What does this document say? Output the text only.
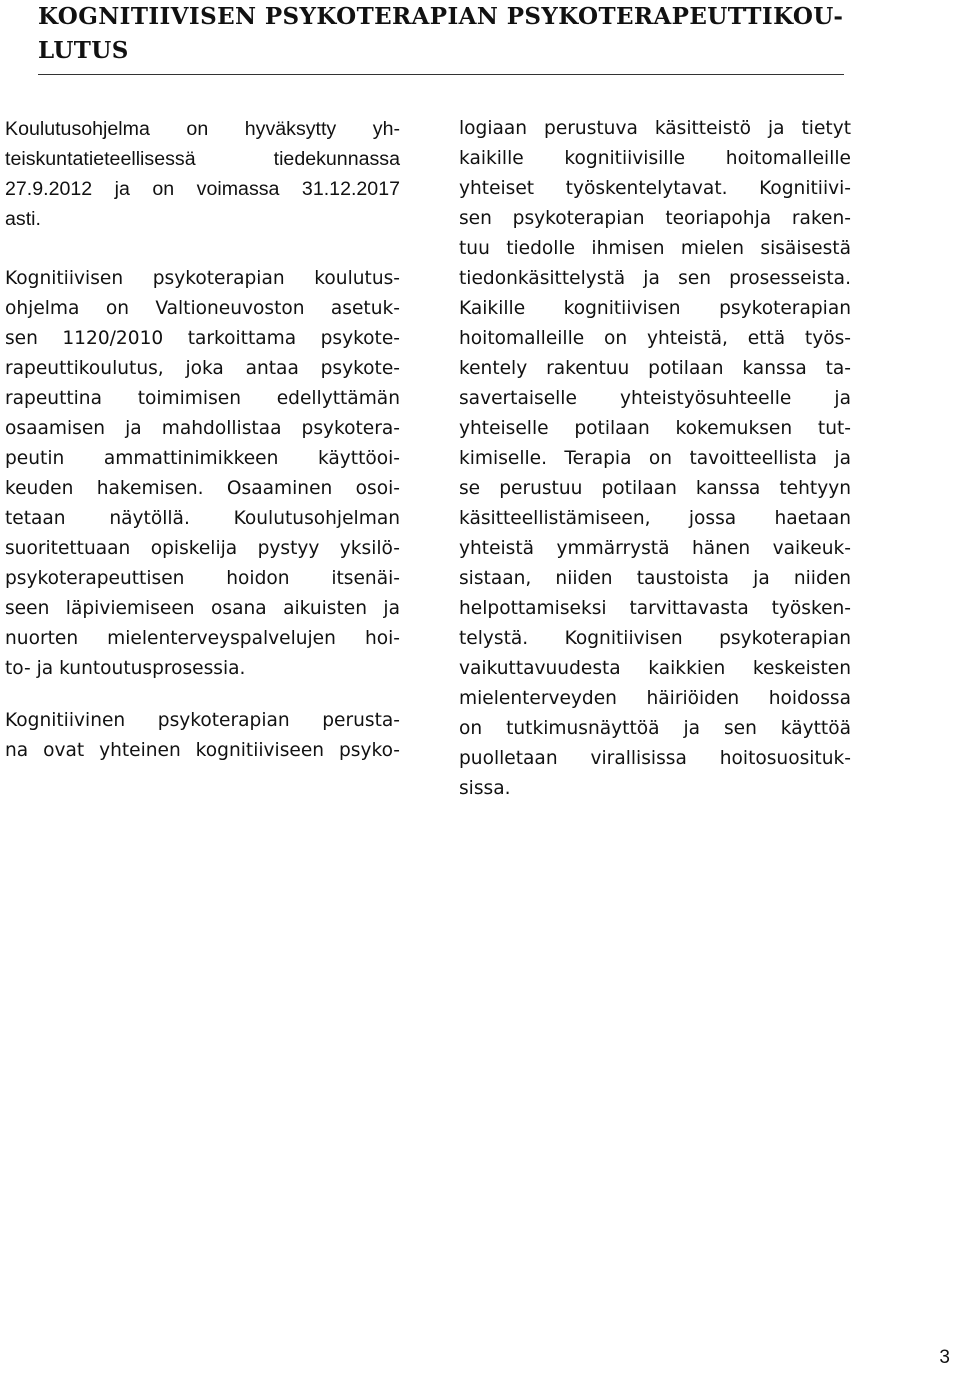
KOGNITIIVISEN PSYKOTERAPIAN PSYKOTERAPEUTTIKOU-
LUTUS
Koulutusohjelma on hyväksytty yh-
teiskuntatieteellisessä tiedekunnassa
27.9.2012 ja on voimassa 31.12.2017
asti.
Kognitiivisen psykoterapian koulutus-
ohjelma on Valtioneuvoston asetuk-
sen 1120/2010 tarkoittama psykote-
rapeuttikoulutus, joka antaa psykote-
rapeuttina toimimisen edellyttämän
osaamisen ja mahdollistaa psykotera-
peutin ammattinimikkeen käyttöoi-
keuden hakemisen. Osaaminen osoi-
tetaan näytöllä. Koulutusohjelman
suoritettuaan opiskelija pystyy yksilö-
psykoterapeuttisen hoidon itsenäi-
seen läpiviemiseen osana aikuisten ja
nuorten mielenterveyspalvelujen hoi-
to- ja kuntoutusprosessia.
Kognitiivinen psykoterapian perusta-
na ovat yhteinen kognitiiviseen psyko-
logiaan perustuva käsitteistö ja tietyt
kaikille kognitiivisille hoitomalleille
yhteiset työskentelytavat. Kognitiivi-
sen psykoterapian teoriapohja raken-
tuu tiedolle ihmisen mielen sisäisestä
tiedonkäsittelystä ja sen prosesseista.
Kaikille kognitiivisen psykoterapian
hoitomalleille on yhteistä, että työs-
kentely rakentuu potilaan kanssa ta-
savertaiselle yhteistyösuhteelle ja
yhteiselle potilaan kokemuksen tut-
kimiselle. Terapia on tavoitteellista ja
se perustuu potilaan kanssa tehtyyn
käsitteellistämiseen, jossa haetaan
yhteistä ymmärrystä hänen vaikeuk-
sistaan, niiden taustoista ja niiden
helpottamiseksi tarvittavasta työsken-
telystä. Kognitiivisen psykoterapian
vaikuttavuudesta kaikkien keskeisten
mielenterveyden häiriöiden hoidossa
on tutkimusnäyttöä ja sen käyttöä
puolletaan virallisissa hoitosuosituk-
sissa.
3
